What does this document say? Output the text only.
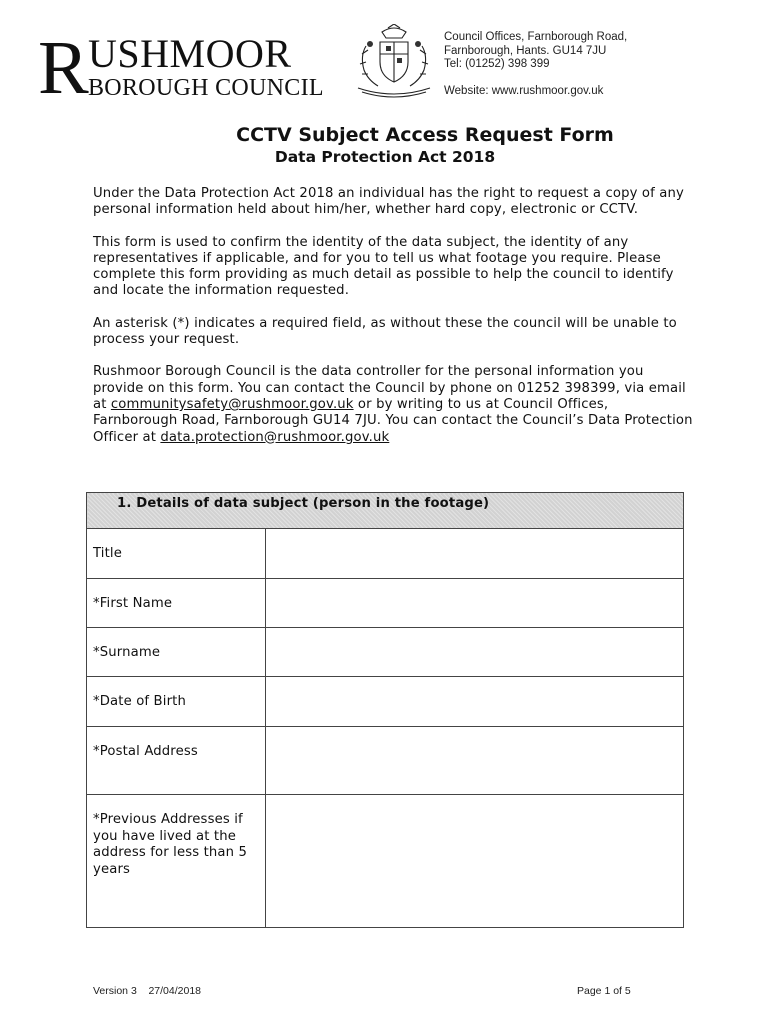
R USHMOOR
BOROUGH COUNCIL
Council Offices, Farnborough Road,
Farnborough, Hants. GU14 7JU
Tel: (01252) 398 399
Website: www.rushmoor.gov.uk
CCTV Subject Access Request Form
Data Protection Act 2018

Under the Data Protection Act 2018 an individual has the right to request a copy of any personal information held about him/her, whether hard copy, electronic or CCTV.

This form is used to confirm the identity of the data subject, the identity of any representatives if applicable, and for you to tell us what footage you require. Please complete this form providing as much detail as possible to help the council to identify and locate the information requested.

An asterisk (*) indicates a required field, as without these the council will be unable to process your request.

Rushmoor Borough Council is the data controller for the personal information you provide on this form. You can contact the Council by phone on 01252 398399, via email at communitysafety@rushmoor.gov.uk or by writing to us at Council Offices, Farnborough Road, Farnborough GU14 7JU. You can contact the Council’s Data Protection Officer at data.protection@rushmoor.gov.uk

1. Details of data subject (person in the footage)	
Title	
*First Name	
*Surname	
*Date of Birth	
*Postal Address	
*Previous Addresses if you have lived at the address for less than 5 years	
Version 3    27/04/2018	Page 1 of 5
